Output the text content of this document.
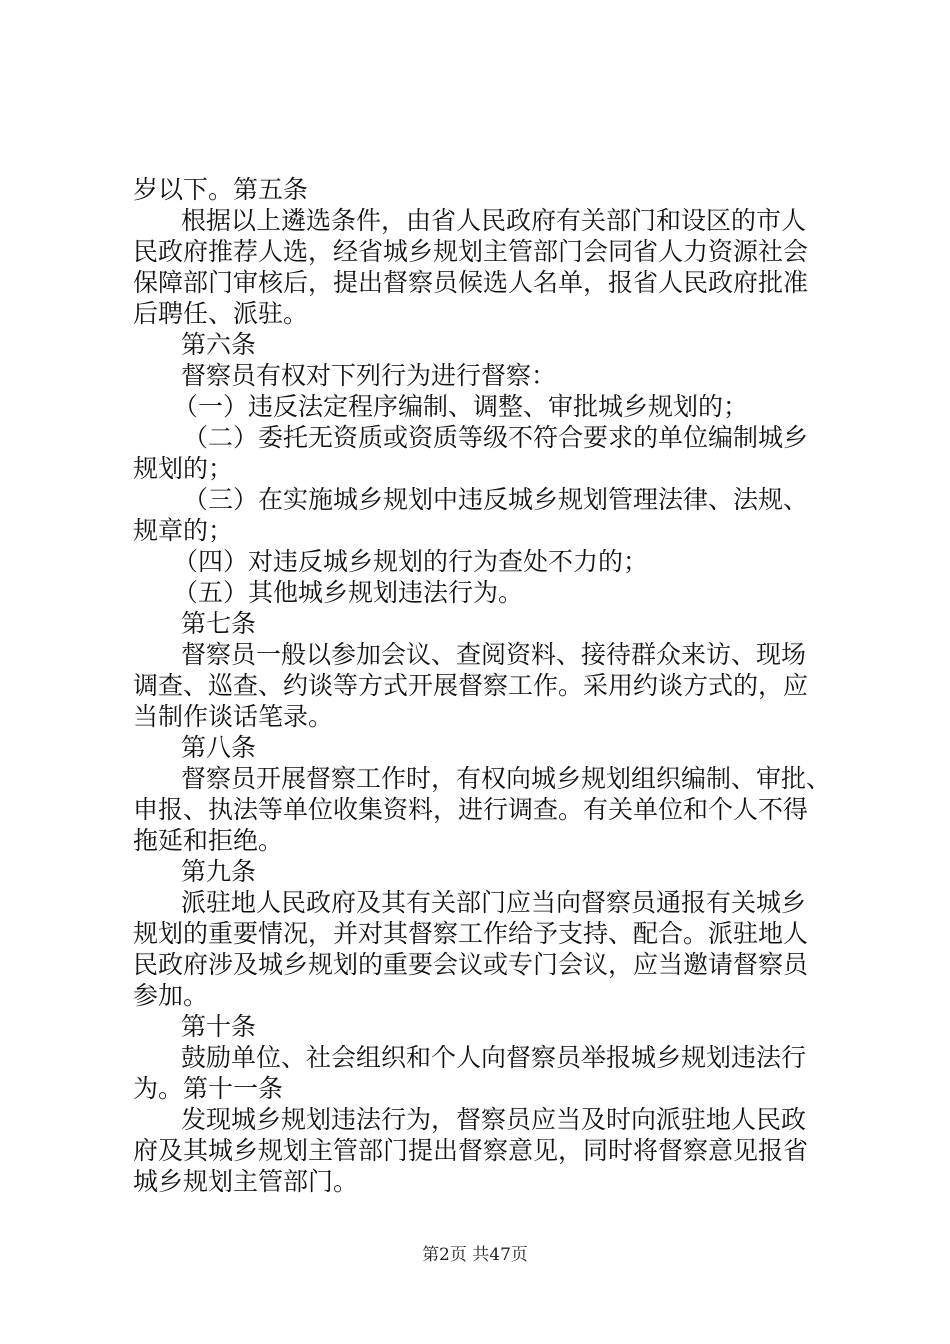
岁以下。第五条
根据以上遴选条件，由省人民政府有关部门和设区的市人
民政府推荐人选，经省城乡规划主管部门会同省人力资源社会
保障部门审核后，提出督察员候选人名单，报省人民政府批准
后聘任、派驻。
第六条
督察员有权对下列行为进行督察：
（一）违反法定程序编制、调整、审批城乡规划的；
（二）委托无资质或资质等级不符合要求的单位编制城乡
规划的；
（三）在实施城乡规划中违反城乡规划管理法律、法规、
规章的；
（四）对违反城乡规划的行为查处不力的；
（五）其他城乡规划违法行为。
第七条
督察员一般以参加会议、查阅资料、接待群众来访、现场
调查、巡查、约谈等方式开展督察工作。采用约谈方式的，应
当制作谈话笔录。
第八条
督察员开展督察工作时，有权向城乡规划组织编制、审批、
申报、执法等单位收集资料，进行调查。有关单位和个人不得
拖延和拒绝。
第九条
派驻地人民政府及其有关部门应当向督察员通报有关城乡
规划的重要情况，并对其督察工作给予支持、配合。派驻地人
民政府涉及城乡规划的重要会议或专门会议，应当邀请督察员
参加。
第十条
鼓励单位、社会组织和个人向督察员举报城乡规划违法行
为。第十一条
发现城乡规划违法行为，督察员应当及时向派驻地人民政
府及其城乡规划主管部门提出督察意见，同时将督察意见报省
城乡规划主管部门。
第2页 共47页
